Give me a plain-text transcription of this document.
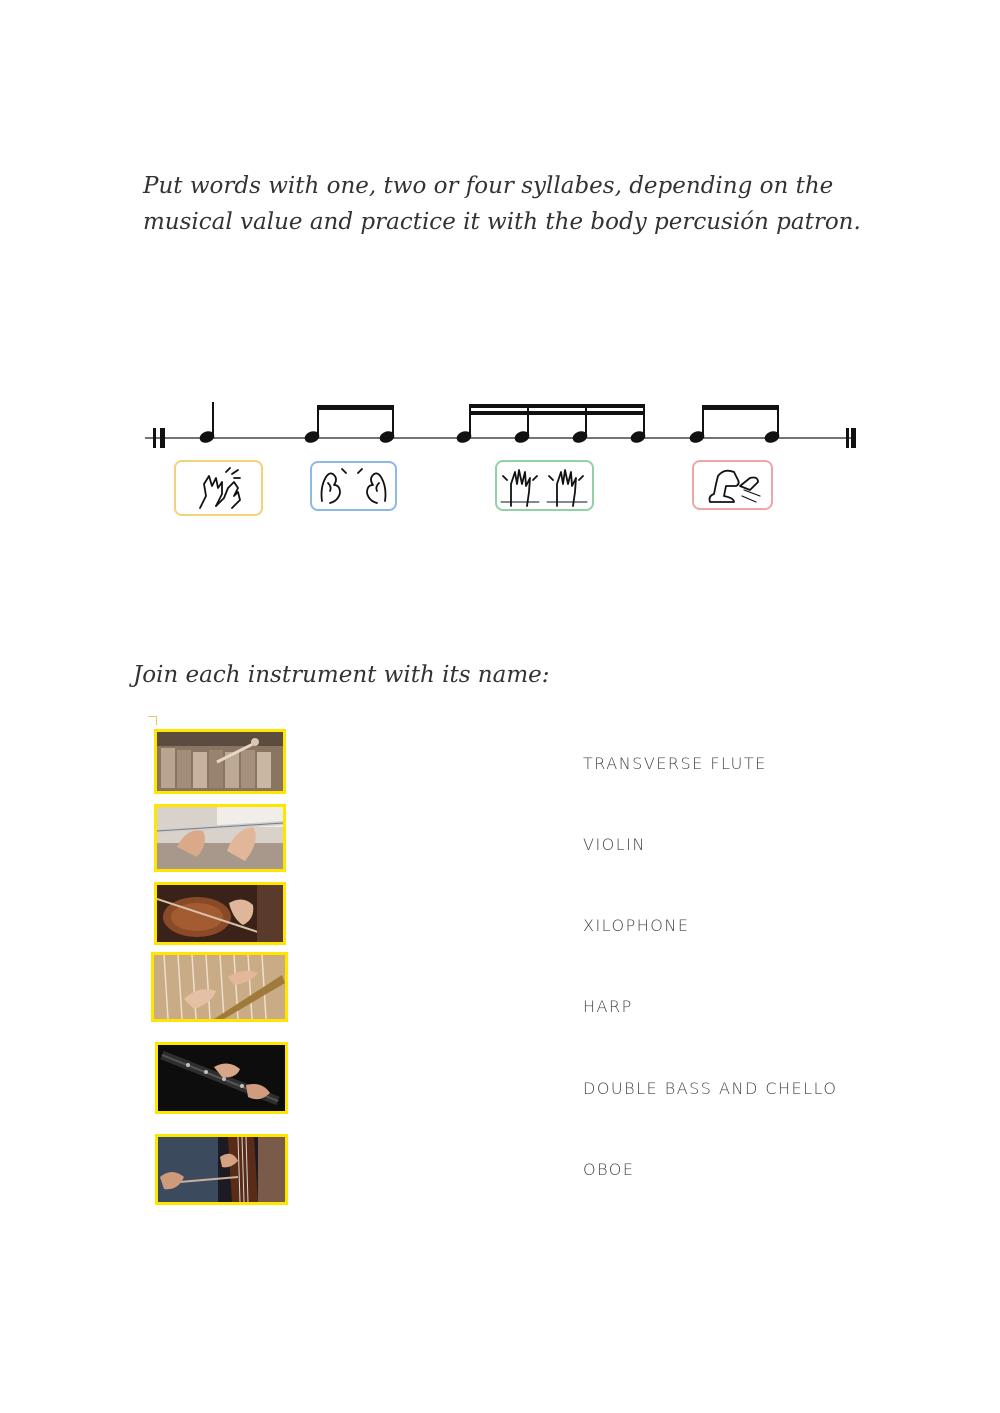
Put words with one, two or four syllabes, depending on the
musical value and practice it with the body percusión patron.
Join each instrument with its name:
TRANSVERSE FLUTE
VIOLIN
XILOPHONE
HARP
DOUBLE BASS AND CHELLO
OBOE
